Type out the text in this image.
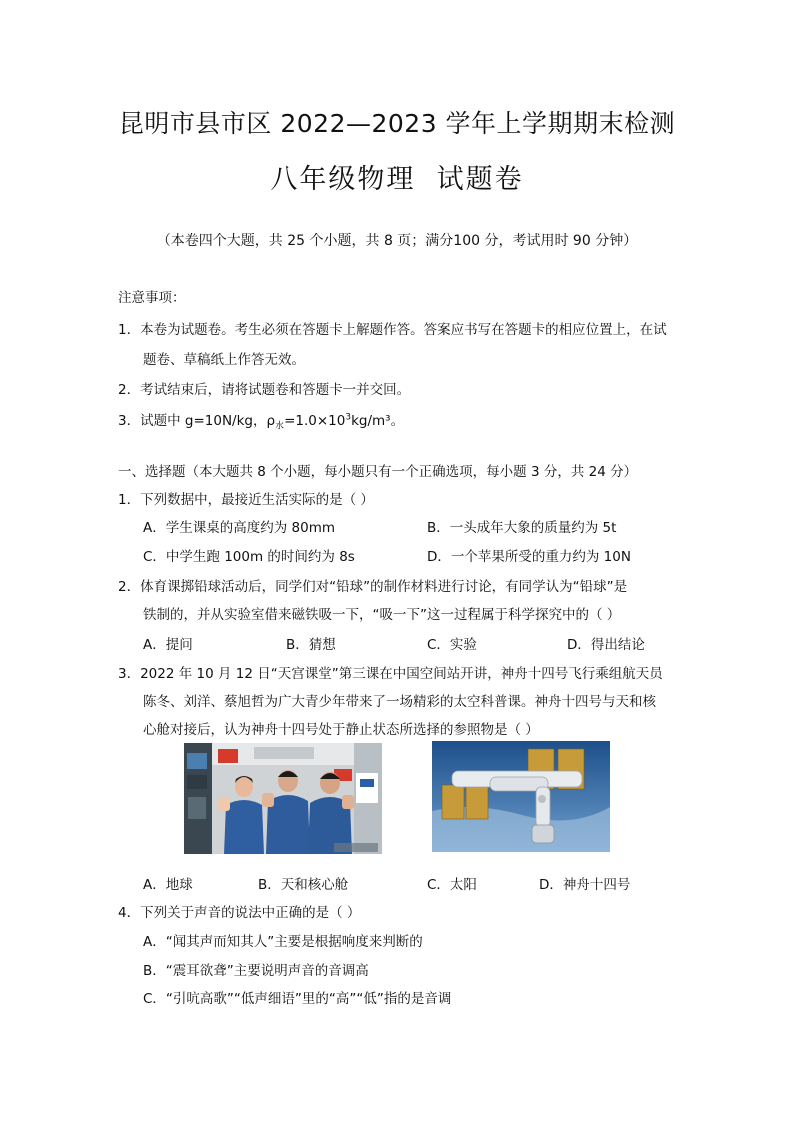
昆明市县市区 2022—2023 学年上学期期末检测
八年级物理  试题卷
（本卷四个大题，共 25 个小题，共 8 页；满分100 分，考试用时 90 分钟）
注意事项：
1．本卷为试题卷。考生必须在答题卡上解题作答。答案应书写在答题卡的相应位置上，在试
题卷、草稿纸上作答无效。
2．考试结束后，请将试题卷和答题卡一并交回。
3．试题中 g=10N/kg，$\rho_水=1.0\times 10^3kg/m^3$。
一、选择题（本大题共 8 个小题，每小题只有一个正确选项，每小题 3 分，共 24 分）
1．下列数据中，最接近生活实际的是（ ）
A．学生课桌的高度约为 80mm	B．一头成年大象的质量约为 5t
C．中学生跑 100m 的时间约为 8s	D．一个苹果所受的重力约为 10N
2．体育课掷铅球活动后，同学们对“铅球”的制作材料进行讨论，有同学认为“铅球”是
铁制的，并从实验室借来磁铁吸一下，“吸一下”这一过程属于科学探究中的（ ）
A．提问	B．猜想	C．实验	D．得出结论
3．2022 年 10 月 12 日“天宫课堂”第三课在中国空间站开讲，神舟十四号飞行乘组航天员
陈冬、刘洋、蔡旭哲为广大青少年带来了一场精彩的太空科普课。神舟十四号与天和核
心舱对接后，认为神舟十四号处于静止状态所选择的参照物是（ ）
A．地球	B．天和核心舱	C．太阳	D．神舟十四号
4．下列关于声音的说法中正确的是（ ）
A．“闻其声而知其人”主要是根据响度来判断的
B．“震耳欲聋”主要说明声音的音调高
C．“引吭高歌”“低声细语”里的“高”“低”指的是音调
